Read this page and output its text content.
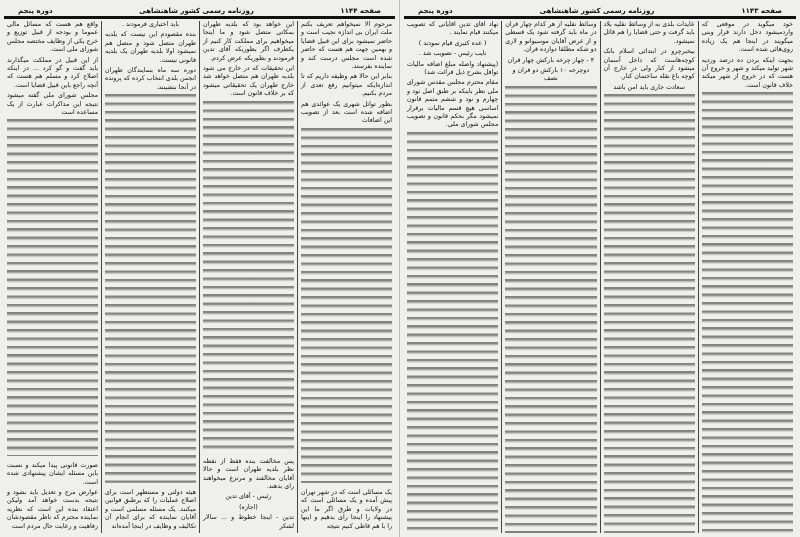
صفحه ۱۱۴۴
روزنامه رسمی کشور شاهنشاهی
دوره پنجم

مرحوم الا نمیخواهم تعریف بکنم ملت ایران بی اندازه نجیب است و حاضر نمیشود برای این قبیل قضایا و بهمین جهت هم هست که حاضر شده است مجلس درست کند و نماینده بفرستد.

بنابر این حالا هم وظیفه داریم که تا اندازه‌ایکه میتوانیم رفع تعدی از مردم بکنیم.

بطور تواتل شهری یک عوائدی هم اضافه شده است بعد از تصویب این اضافات

یک مسائلی است که در شهر تهران پیش آمده و یک مسائلی است که در ولایات و طرق اگر ما این پیشنهاد را اینجا رای بدهیم و اینها را با هم قاطی کنیم نتیجه

این خواهد بود که بلدیه طهران بمکانی متصل شود و ما اینجا میخواهیم برای مملکت کار کنیم از یکطرف اگر بطوریکه آقای تدین فرمودند و بطوریکه عرض کردم.

این تحقیقات که در خارج می شود بلدیه طهران هم متصل خواهد شد خارج طهران یک تحقیقاتی میشود که بر خلاف قانون است.

پس مخالفت بنده فقط از نقطه نظر بلدیه طهران است و حالا آقایان مخالفند و مرتزع میخواهند رای بدهند.

رئیس - آقای تدین

(اجازه)

تدین - اینجا خطوط و ... سالار لشکر

باید اختیاری فرمودند .

بنده مقصودم این نیست که بلدیه طهران متصل شود و منصل هم نمیشود اولا بلدیه طهران یک بلدیه قانونی نیست.

دوره سه ماه بنمایندگان طهران انجمن بلدی انتخاب کرده که پرونده در آنجا بنشینند.

هیئه دولتی و مستظهر است برای اصلاح عملیات را که برطبق قوانین میکنند. یک مسئله مسلمی است و آقایان نماینده که برای انجام آن تکالیف و وظایف در اینجا آمده‌اند

واقع هم هست که مسائل مالی عموما و بودجه از قبیل توزیع و خرج یکی از وظایف مختصه مجلس شورای ملی است.

از این قبیل در مملکت میگذارند باید گفت و گو کرد ... در اینکه اصلاح کرد و مسلم هم هست که آنچه راجع باین قبیل قضایا است.

مجلس شورای ملی گفته میشود نتیجه این مذاکرات عبارت از یک مساعده است

صورت قانونی پیدا میکند و نسبت باین مسئله ایشان پیشنهادی شده است.

عوارض مرج و تعدیل باید بشود و نتیجه بدست خواهد آمد ولیکن اعتقاد بنده این است که نظریه نماینده محترم که ناظر مقصودشان رفاهیت و رعایت حال مردم است

صفحه ۱۱۴۳
روزنامه رسمی کشور شاهنشاهی
دوره پنجم

خود میگوید در موقعی که واردمیشود دخل دارند قرار وبنی میگویند در اینجا هم یک زیاده روی‌هائی شده است.

بجهت اینکه بردن ده درصد وردیه شهر تولید میکند و شهر و خروج آن هست که در خروج از شهر میکند خلاف قانون است.

عایدات بلدی به از وسائط نقلیه بلاد باید گرفت و حتی قضایا را هم قائل نمیشود.

بیخبرچرو در ابتدائی اسلام بانک کوچه‌هاست که داخل آسمان میشود از کنار ولی در خارج آن کوچه باغ نقله ساختمان کنار.

سعادت جاری باید امن باشد

وسائط نقلیه از هر کدام چهار قران در ماه باید گرفته شود یک قسطی و از عرض آقایان موسیوانو و لاری دو شکه مطلقا دوازده قران.

۴ - چهار چرخه بارکش چهار قران

دوچرخه ۱۰ بارکش دو قران و نصف

نهاد آقای تدین آقایانی که تصویب میکنند قیام نمایند .

( عده کثیری قیام نمودند )

نایب رئیس - تصویب شد .

(پیشنهاد واصله مبلغ اضافه مالیات توافل بشرح ذیل قرائت شد)

مقام محترم مجلس مقدس شورای ملی نظر باینکه بر طبق اصل نود و چهارم و نود و ششم متمم قانون اساسی هیچ قسم مالیات برقرار نمیشود مگر بحکم قانون و تصویب مجلس شورای ملی.
